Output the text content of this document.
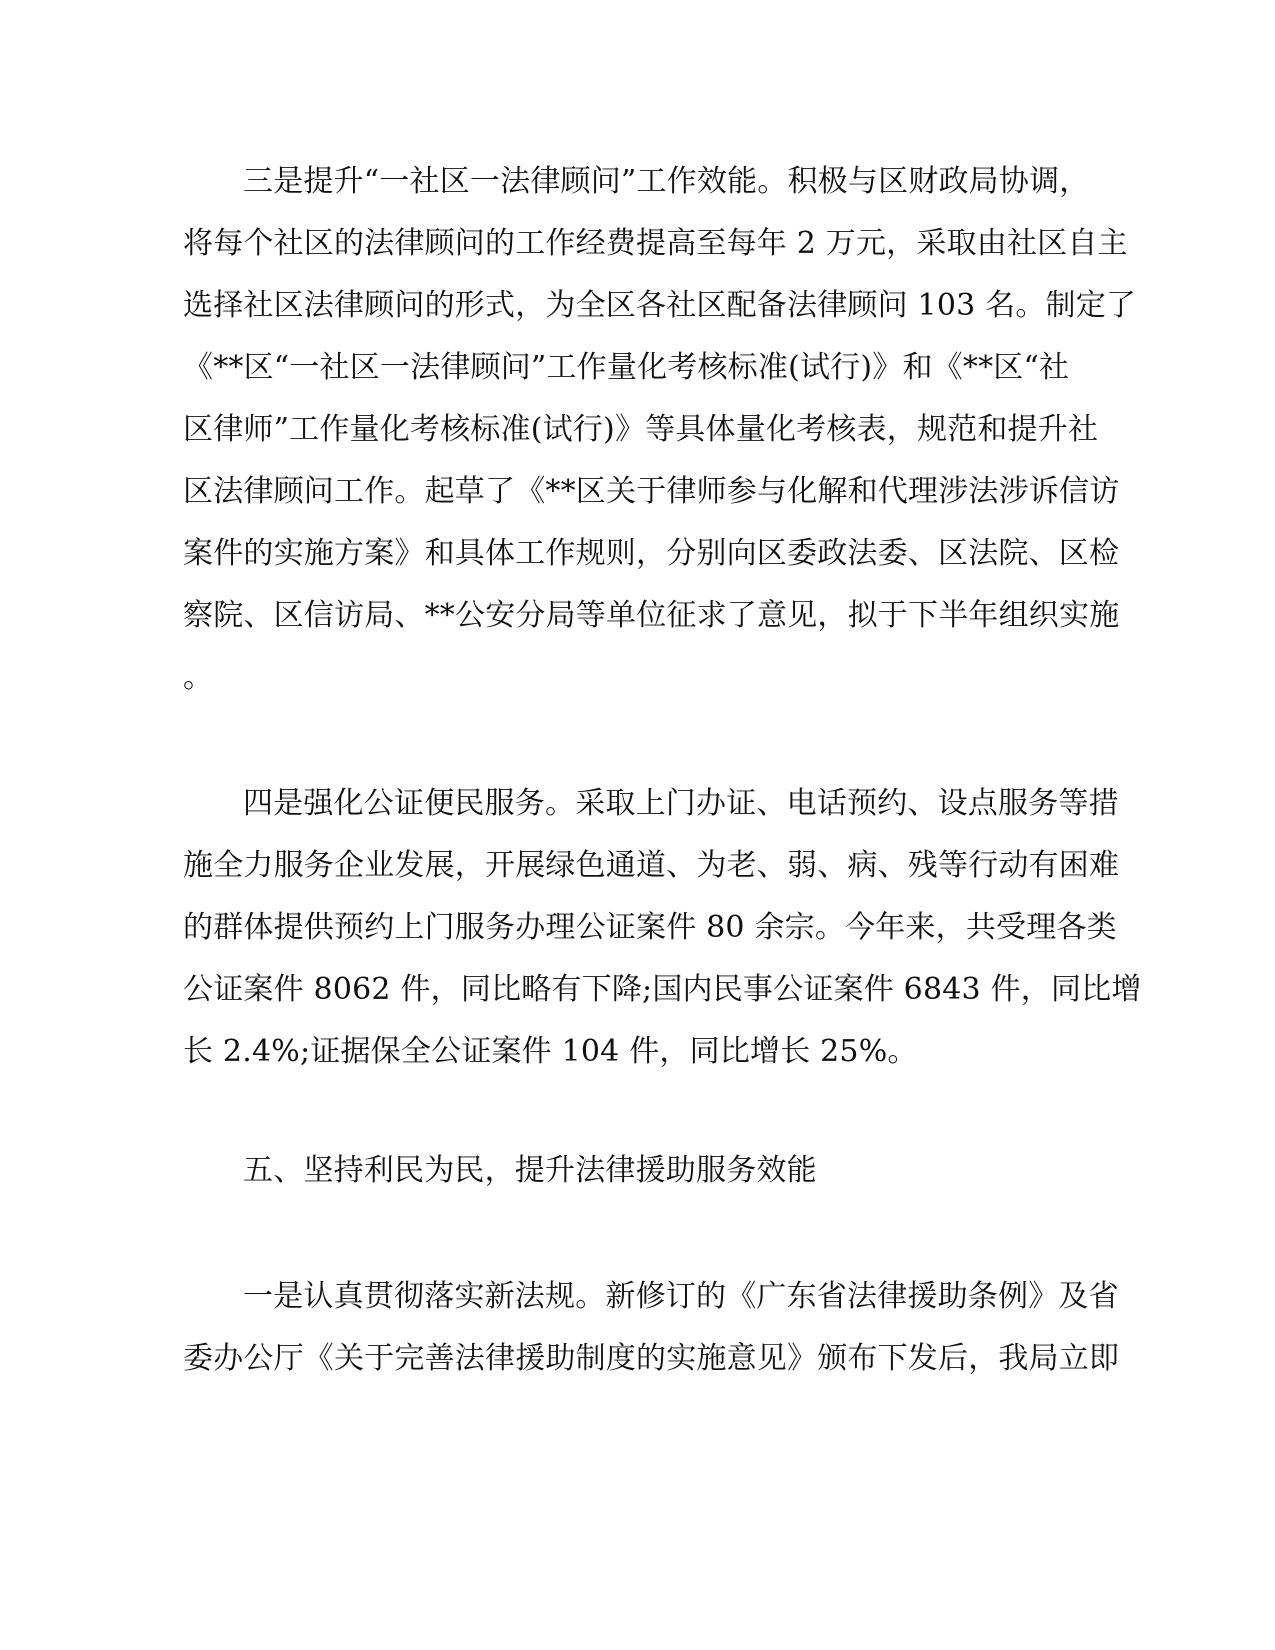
三是提升“一社区一法律顾问”工作效能。积极与区财政局协调，
将每个社区的法律顾问的工作经费提高至每年 2 万元，采取由社区自主
选择社区法律顾问的形式，为全区各社区配备法律顾问 103 名。制定了
《**区“一社区一法律顾问”工作量化考核标准(试行)》和《**区“社
区律师”工作量化考核标准(试行)》等具体量化考核表，规范和提升社
区法律顾问工作。起草了《**区关于律师参与化解和代理涉法涉诉信访
案件的实施方案》和具体工作规则，分别向区委政法委、区法院、区检
察院、区信访局、**公安分局等单位征求了意见，拟于下半年组织实施
。
四是强化公证便民服务。采取上门办证、电话预约、设点服务等措
施全力服务企业发展，开展绿色通道、为老、弱、病、残等行动有困难
的群体提供预约上门服务办理公证案件 80 余宗。今年来，共受理各类
公证案件 8062 件，同比略有下降;国内民事公证案件 6843 件，同比增
长 2.4%;证据保全公证案件 104 件，同比增长 25%。
五、坚持利民为民，提升法律援助服务效能
一是认真贯彻落实新法规。新修订的《广东省法律援助条例》及省
委办公厅《关于完善法律援助制度的实施意见》颁布下发后，我局立即
